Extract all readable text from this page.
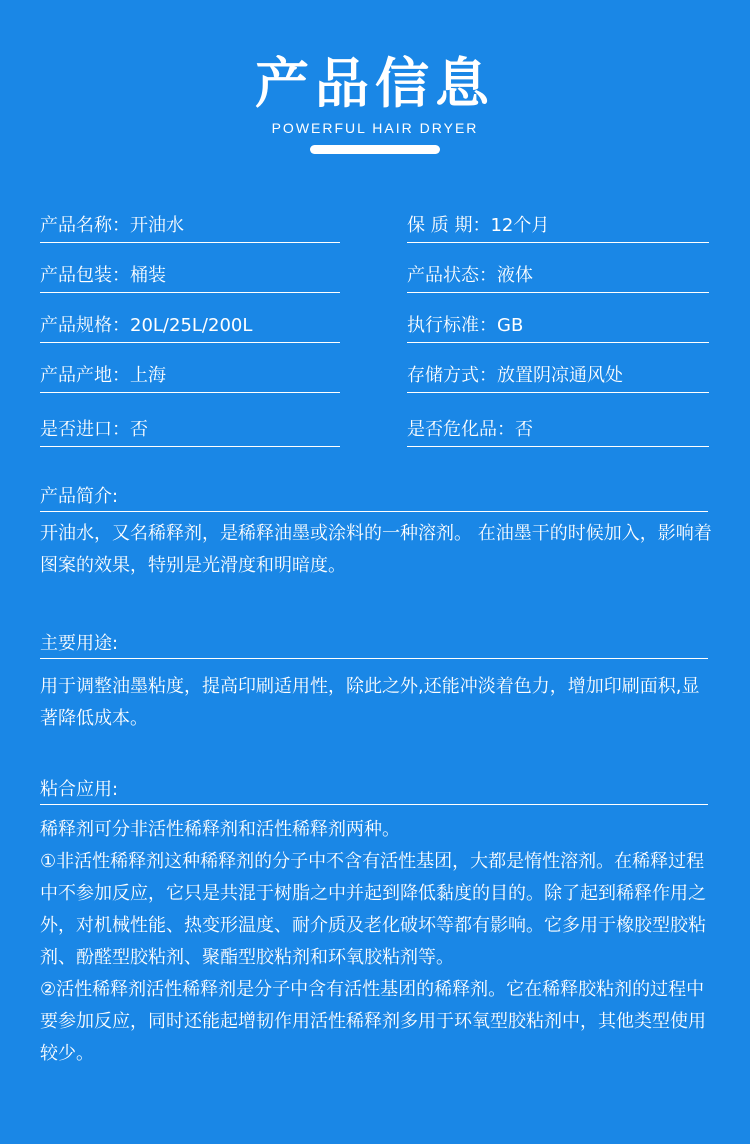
产品信息
POWERFUL HAIR DRYER
产品名称：开油水	保 质 期：12个月
产品包装：桶装	产品状态：液体
产品规格：20L/25L/200L	执行标准：GB
产品产地：上海	存储方式：放置阴凉通风处
是否进口：否	是否危化品：否
产品简介:
开油水，又名稀释剂，是稀释油墨或涂料的一种溶剂。 在油墨干的时候加入，影响着图案的效果，特别是光滑度和明暗度。
主要用途:
用于调整油墨粘度，提高印刷适用性，除此之外,还能冲淡着色力，增加印刷面积,显著降低成本。
粘合应用:

稀释剂可分非活性稀释剂和活性稀释剂两种。

①非活性稀释剂这种稀释剂的分子中不含有活性基团，大都是惰性溶剂。在稀释过程中不参加反应，它只是共混于树脂之中并起到降低黏度的目的。除了起到稀释作用之外，对机械性能、热变形温度、耐介质及老化破坏等都有影响。它多用于橡胶型胶粘剂、酚醛型胶粘剂、聚酯型胶粘剂和环氧胶粘剂等。

②活性稀释剂活性稀释剂是分子中含有活性基团的稀释剂。它在稀释胶粘剂的过程中要参加反应，同时还能起增韧作用活性稀释剂多用于环氧型胶粘剂中，其他类型使用较少。
